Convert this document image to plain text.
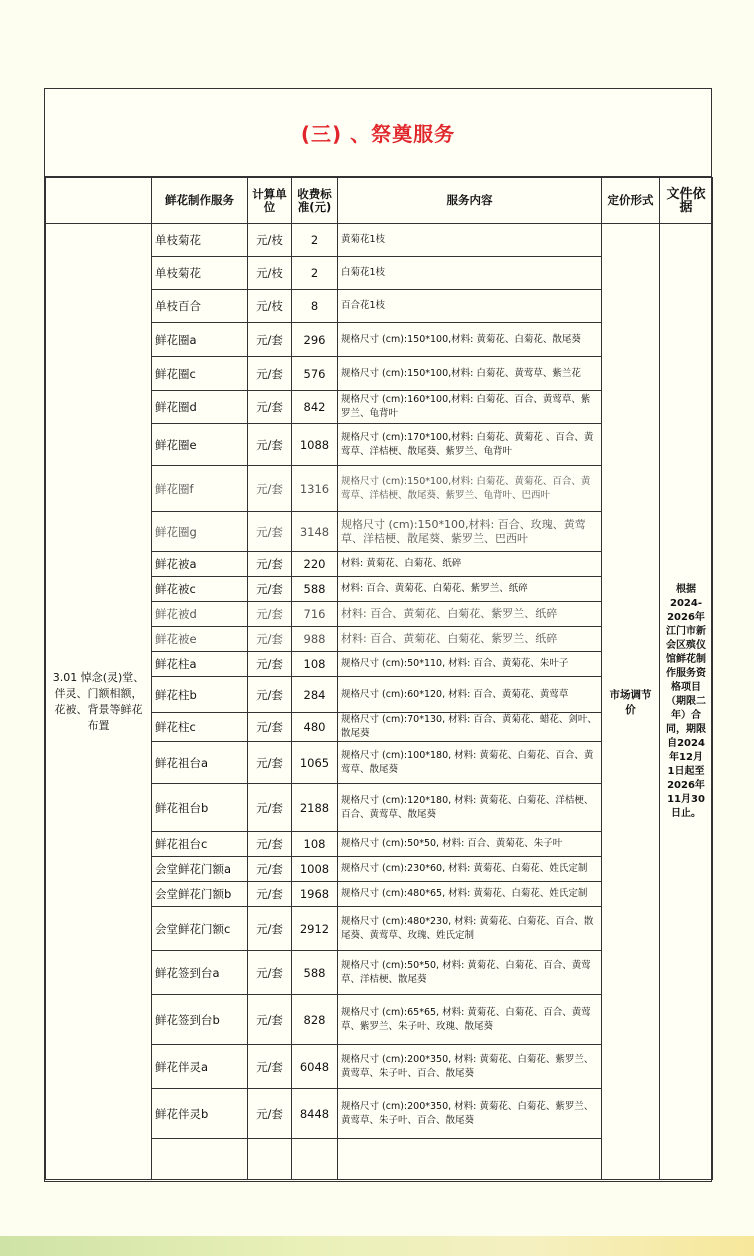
(三) 、祭奠服务
	鲜花制作服务	计算单位	收费标准(元)	服务内容	定价形式	文件依据
3.01 悼念(灵)堂、伴灵、门额相额，花被、背景等鲜花布置	单枝菊花	元/枝	2	黄菊花1枝	市场调节价	根据2024-2026年江门市新会区殡仪馆鲜花制作服务资格项目（期限二年）合同，期限自2024年12月1日起至2026年11月30日止。
	单枝菊花	元/枝	2	白菊花1枝		
	单枝百合	元/枝	8	百合花1枝		
	鲜花圈a	元/套	296	规格尺寸 (cm):150*100,材料: 黄菊花、白菊花、散尾葵		
	鲜花圈c	元/套	576	规格尺寸 (cm):150*100,材料: 白菊花、黄莺草、紫兰花		
	鲜花圈d	元/套	842	规格尺寸 (cm):160*100,材料: 白菊花、百合、黄莺草、紫罗兰、龟背叶		
	鲜花圈e	元/套	1088	规格尺寸 (cm):170*100,材料: 白菊花、黄菊花 、百合、黄莺草、洋桔梗、散尾葵、紫罗兰、龟背叶		
	鲜花圈f	元/套	1316	规格尺寸 (cm):150*100,材料: 白菊花、黄菊花、百合、黄莺草、洋桔梗、散尾葵、紫罗兰、龟背叶、巴西叶		
	鲜花圈g	元/套	3148	规格尺寸 (cm):150*100,材料: 百合、玫瑰、黄莺草、洋桔梗、散尾葵、紫罗兰、巴西叶		
	鲜花被a	元/套	220	材料: 黄菊花、白菊花、纸碎		
	鲜花被c	元/套	588	材料: 百合、黄菊花、白菊花、紫罗兰、纸碎		
	鲜花被d	元/套	716	材料: 百合、黄菊花、白菊花、紫罗兰、纸碎		
	鲜花被e	元/套	988	材料: 百合、黄菊花、白菊花、紫罗兰、纸碎		
	鲜花柱a	元/套	108	规格尺寸 (cm):50*110, 材料: 百合、黄菊花、朱叶子		
	鲜花柱b	元/套	284	规格尺寸 (cm):60*120, 材料: 百合、黄菊花、黄莺草		
	鲜花柱c	元/套	480	规格尺寸 (cm):70*130, 材料: 百合、黄菊花、蜡花、剑叶、散尾葵		
	鲜花祖台a	元/套	1065	规格尺寸 (cm):100*180, 材料: 黄菊花、白菊花、百合、黄莺草、散尾葵		
	鲜花祖台b	元/套	2188	规格尺寸 (cm):120*180, 材料: 黄菊花、白菊花、洋桔梗、百合、黄莺草、散尾葵		
	鲜花祖台c	元/套	108	规格尺寸 (cm):50*50, 材料: 百合、黄菊花、朱子叶		
	会堂鲜花门额a	元/套	1008	规格尺寸 (cm):230*60, 材料: 黄菊花、白菊花、姓氏定制		
	会堂鲜花门额b	元/套	1968	规格尺寸 (cm):480*65, 材料: 黄菊花、白菊花、姓氏定制		
	会堂鲜花门额c	元/套	2912	规格尺寸 (cm):480*230, 材料: 黄菊花、白菊花、百合、散尾葵、黄莺草、玫瑰、姓氏定制		
	鲜花签到台a	元/套	588	规格尺寸 (cm):50*50, 材料: 黄菊花、白菊花、百合、黄莺草、洋桔梗、散尾葵		
	鲜花签到台b	元/套	828	规格尺寸 (cm):65*65, 材料: 黄菊花、白菊花、百合、黄莺草、紫罗兰、朱子叶、玫瑰、散尾葵		
	鲜花伴灵a	元/套	6048	规格尺寸 (cm):200*350, 材料: 黄菊花、白菊花、紫罗兰、黄莺草、朱子叶、百合、散尾葵		
	鲜花伴灵b	元/套	8448	规格尺寸 (cm):200*350, 材料: 黄菊花、白菊花、紫罗兰、黄莺草、朱子叶、百合、散尾葵		
